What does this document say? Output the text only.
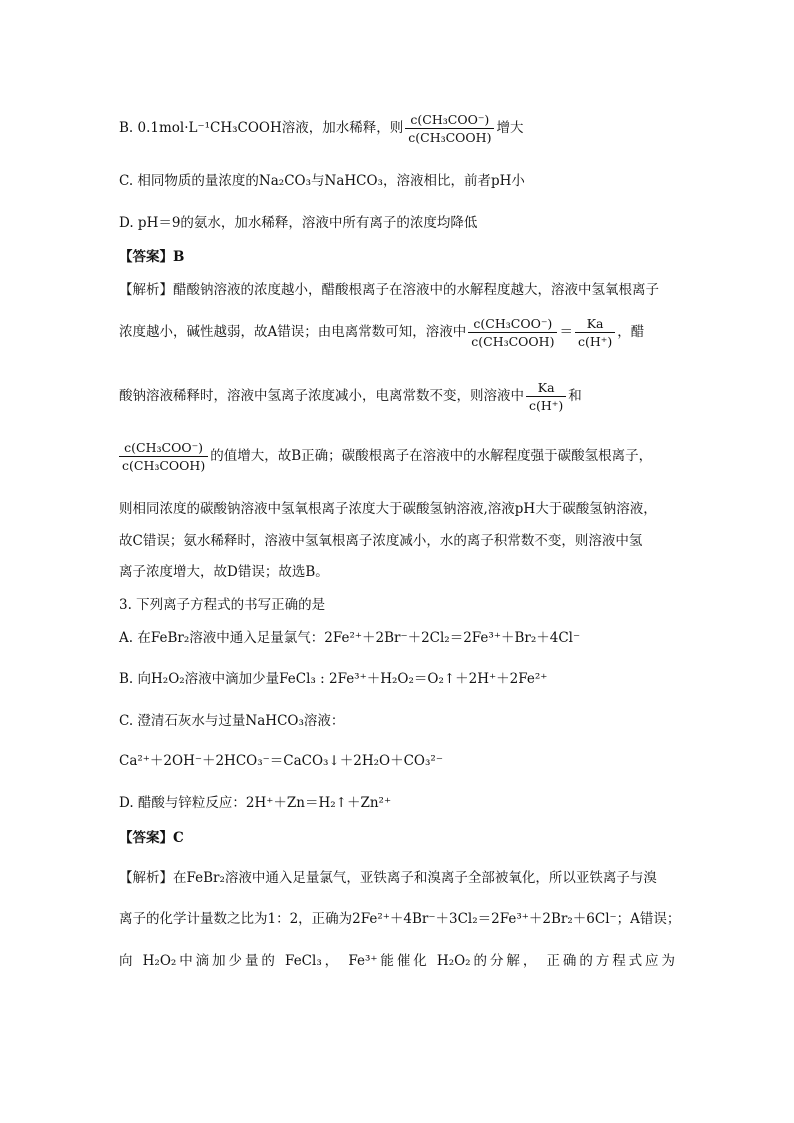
B. 0.1mol·L⁻¹CH₃COOH溶液，加水稀释，则 $\frac{\text{c(CH₃COO⁻)}}{\text{c(CH₃COOH)}}$ 增大
C. 相同物质的量浓度的Na₂CO₃与NaHCO₃，溶液相比，前者pH小
D. pH＝9的氨水，加水稀释，溶液中所有离子的浓度均降低
【答案】B
【解析】醋酸钠溶液的浓度越小，醋酸根离子在溶液中的水解程度越大，溶液中氢氧根离子
浓度越小，碱性越弱，故A错误；由电离常数可知，溶液中 $\frac{\text{c(CH₃COO⁻)}}{\text{c(CH₃COOH)}} = \frac{Ka}{c(H^+)}$ ，醋
酸钠溶液稀释时，溶液中氢离子浓度减小，电离常数不变，则溶液中 $\frac{Ka}{c(H^+)}$ 和
$\frac{\text{c(CH₃COO⁻)}}{\text{c(CH₃COOH)}}$ 的值增大，故B正确；碳酸根离子在溶液中的水解程度强于碳酸氢根离子，
则相同浓度的碳酸钠溶液中氢氧根离子浓度大于碳酸氢钠溶液,溶液pH大于碳酸氢钠溶液，
故C错误；氨水稀释时，溶液中氢氧根离子浓度减小，水的离子积常数不变，则溶液中氢
离子浓度增大，故D错误；故选B。
3. 下列离子方程式的书写正确的是
A. 在FeBr₂溶液中通入足量氯气：2Fe²⁺＋2Br⁻＋2Cl₂＝2Fe³⁺＋Br₂＋4Cl⁻
B. 向H₂O₂溶液中滴加少量FeCl₃ : 2Fe³⁺＋H₂O₂＝O₂↑＋2H⁺＋2Fe²⁺
C. 澄清石灰水与过量NaHCO₃溶液：
Ca²⁺＋2OH⁻＋2HCO₃⁻＝CaCO₃↓＋2H₂O＋CO₃²⁻
D. 醋酸与锌粒反应：2H⁺＋Zn＝H₂↑＋Zn²⁺
【答案】C
【解析】在FeBr₂溶液中通入足量氯气，亚铁离子和溴离子全部被氧化，所以亚铁离子与溴
离子的化学计量数之比为1：2，正确为2Fe²⁺＋4Br⁻＋3Cl₂＝2Fe³⁺＋2Br₂＋6Cl⁻；A错误；
向 H₂O₂中滴加少量的 FeCl₃， Fe³⁺能催化 H₂O₂的分解， 正确的方程式应为
